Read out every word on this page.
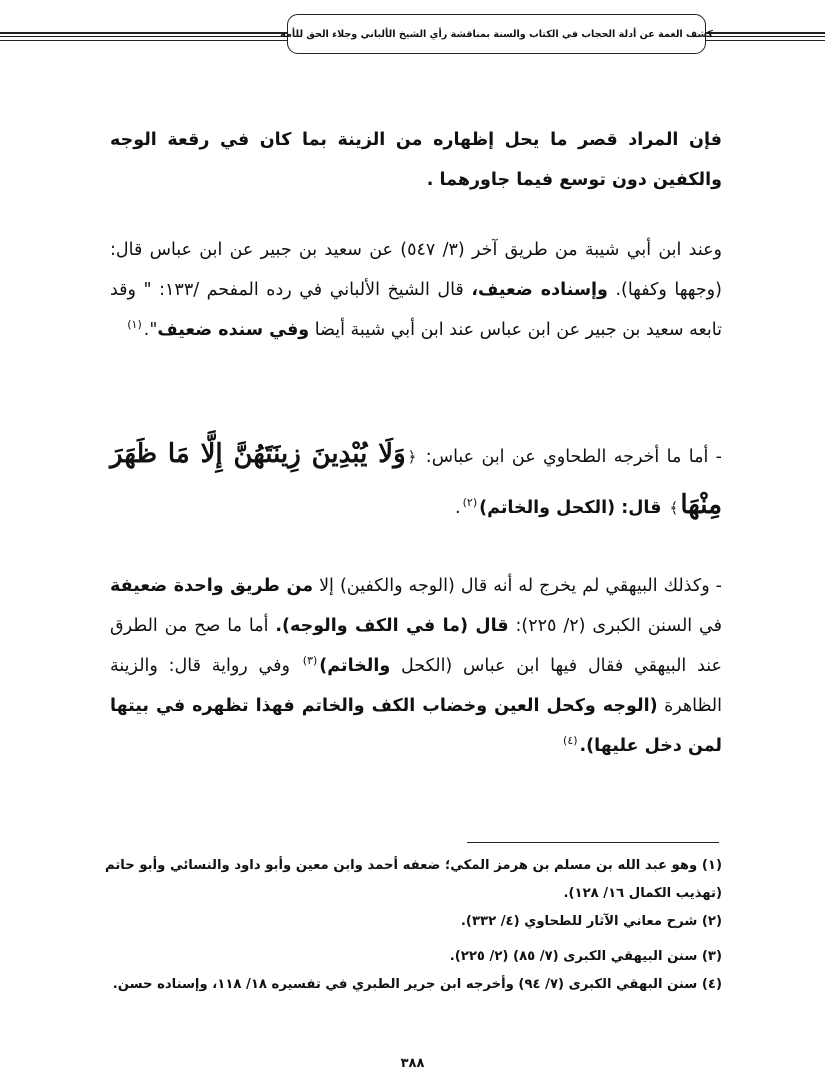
كشف الغمة عن أدلة الحجاب في الكتاب والسنة بمناقشة رأي الشيخ الألباني وجلاء الحق للأمة

فإن المراد قصر ما يحل إظهاره من الزينة بما كان في رقعة الوجه والكفين دون توسع فيما جاورهما .

وعند ابن أبي شيبة من طريق آخر (٣/ ٥٤٧) عن سعيد بن جبير عن ابن عباس قال: (وجهها وكفها). وإسناده ضعيف، قال الشيخ الألباني في رده المفحم /١٣٣: " وقد تابعه سعيد بن جبير عن ابن عباس عند ابن أبي شيبة أيضا وفي سنده ضعيف".$^{(١)}$

- أما ما أخرجه الطحاوي عن ابن عباس: ﴿وَلَا يُبْدِينَ زِينَتَهُنَّ إِلَّا مَا ظَهَرَ مِنْهَا﴾ قال: (الكحل والخاتم)$^{(٢)}$.

- وكذلك البيهقي لم يخرج له أنه قال (الوجه والكفين) إلا من طريق واحدة ضعيفة في السنن الكبرى (٢/ ٢٢٥): قال (ما في الكف والوجه). أما ما صح من الطرق عند البيهقي فقال فيها ابن عباس (الكحل والخاتم)$^{(٣)}$ وفي رواية قال: والزينة الظاهرة (الوجه وكحل العين وخضاب الكف والخاتم فهذا تظهره في بيتها لمن دخل عليها).$^{(٤)}$

(١) وهو عبد الله بن مسلم بن هرمز المكي؛ ضعفه أحمد وابن معين وأبو داود والنسائي وأبو حاتم (تهذيب الكمال ١٦/ ١٢٨).

(٢) شرح معاني الآثار للطحاوي (٤/ ٣٣٢).

(٣) سنن البيهقي الكبرى (٧/ ٨٥) (٢/ ٢٢٥).

(٤) سنن البهقي الكبرى (٧/ ٩٤) وأخرجه ابن جرير الطبري في تفسيره ١٨/ ١١٨، وإسناده حسن.

٣٨٨
